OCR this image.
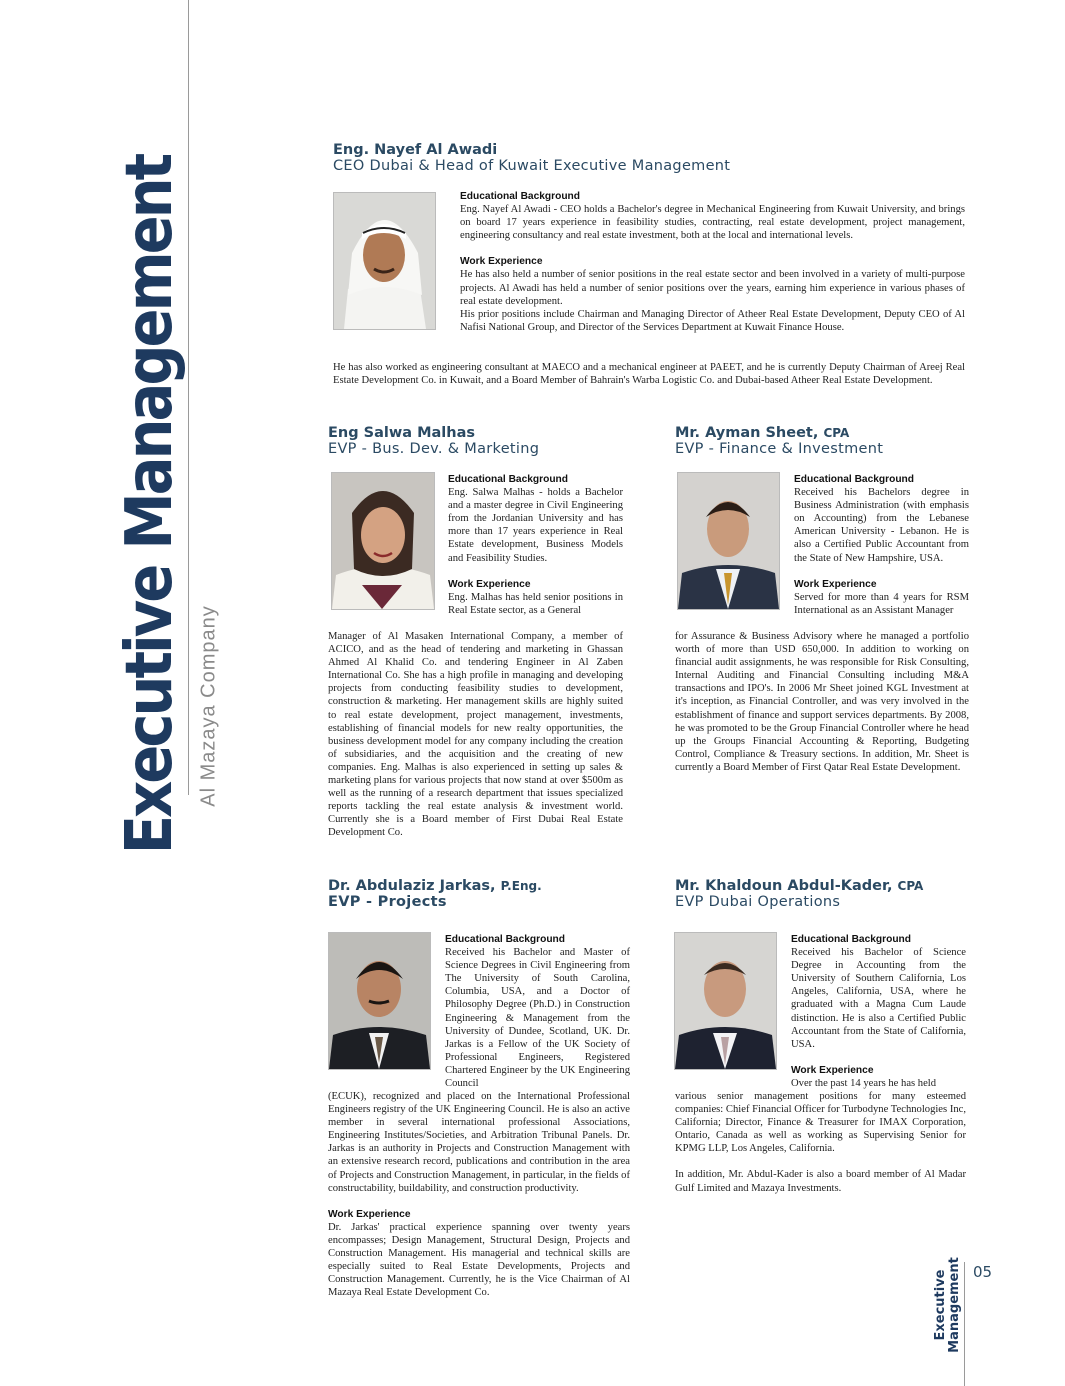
Executive Management Al Mazaya Company
Eng. Nayef Al Awadi
CEO Dubai & Head of Kuwait Executive Management

Educational Background

Eng. Nayef Al Awadi - CEO holds a Bachelor's degree in Mechanical Engineering from Kuwait University, and brings on board 17 years experience in feasibility studies, contracting, real estate development, project management, engineering consultancy and real estate investment, both at the local and international levels.

Work Experience

He has also held a number of senior positions in the real estate sector and been involved in a variety of multi-purpose projects. Al Awadi has held a number of senior positions over the years, earning him experience in various phases of real estate development.

His prior positions include Chairman and Managing Director of Atheer Real Estate Development, Deputy CEO of Al Nafisi National Group, and Director of the Services Department at Kuwait Finance House.

He has also worked as engineering consultant at MAECO and a mechanical engineer at PAEET, and he is currently Deputy Chairman of Areej Real Estate Development Co. in Kuwait, and a Board Member of Bahrain's Warba Logistic Co. and Dubai-based Atheer Real Estate Development.

Eng Salwa Malhas
EVP - Bus. Dev. & Marketing

Educational Background

Eng. Salwa Malhas - holds a Bachelor and a master degree in Civil Engineering from the Jordanian University and has more than 17 years experience in Real Estate development, Business Models and Feasibility Studies.

Work Experience

Eng. Malhas has held senior positions in Real Estate sector, as a General

Manager of Al Masaken International Company, a member of ACICO, and as the head of tendering and marketing in Ghassan Ahmed Al Khalid Co. and tendering Engineer in Al Zaben International Co. She has a high profile in managing and developing projects from conducting feasibility studies to development, construction & marketing. Her management skills are highly suited to real estate development, project management, investments, establishing of financial models for new realty opportunities, the business development model for any company including the creation of subsidiaries, and the acquisition and the creating of new companies. Eng. Malhas is also experienced in setting up sales & marketing plans for various projects that now stand at over $500m as well as the running of a research department that issues specialized reports tackling the real estate analysis & investment world. Currently she is a Board member of First Dubai Real Estate Development Co.

Mr. Ayman Sheet, CPA
EVP - Finance & Investment

Educational Background

Received his Bachelors degree in Business Administration (with emphasis on Accounting) from the Lebanese American University - Lebanon. He is also a Certified Public Accountant from the State of New Hampshire, USA.

Work Experience

Served for more than 4 years for RSM International as an Assistant Manager

for Assurance & Business Advisory where he managed a portfolio worth of more than USD 650,000. In addition to working on financial audit assignments, he was responsible for Risk Consulting, Internal Auditing and Financial Consulting including M&A transactions and IPO's. In 2006 Mr Sheet joined KGL Investment at it's inception, as Financial Controller, and was very involved in the establishment of finance and support services departments. By 2008, he was promoted to be the Group Financial Controller where he head up the Groups Financial Accounting & Reporting, Budgeting Control, Compliance & Treasury sections. In addition, Mr. Sheet is currently a Board Member of First Qatar Real Estate Development.

Dr. Abdulaziz Jarkas, P.Eng.
EVP - Projects

Educational Background

Received his Bachelor and Master of Science Degrees in Civil Engineering from The University of South Carolina, Columbia, USA, and a Doctor of Philosophy Degree (Ph.D.) in Construction Engineering & Management from the University of Dundee, Scotland, UK. Dr. Jarkas is a Fellow of the UK Society of Professional Engineers, Registered Chartered Engineer by the UK Engineering Council

(ECUK), recognized and placed on the International Professional Engineers registry of the UK Engineering Council. He is also an active member in several international professional Associations, Engineering Institutes/Societies, and Arbitration Tribunal Panels. Dr. Jarkas is an authority in Projects and Construction Management with an extensive research record, publications and contribution in the area of Projects and Construction Management, in particular, in the fields of constructability, buildability, and construction productivity.

Work Experience

Dr. Jarkas' practical experience spanning over twenty years encompasses; Design Management, Structural Design, Projects and Construction Management. His managerial and technical skills are especially suited to Real Estate Developments, Projects and Construction Management. Currently, he is the Vice Chairman of Al Mazaya Real Estate Development Co.

Mr. Khaldoun Abdul-Kader, CPA
EVP Dubai Operations

Educational Background

Received his Bachelor of Science Degree in Accounting from the University of Southern California, Los Angeles, California, USA, where he graduated with a Magna Cum Laude distinction. He is also a Certified Public Accountant from the State of California, USA.

Work Experience

Over the past 14 years he has held

various senior management positions for many esteemed companies: Chief Financial Officer for Turbodyne Technologies Inc, California; Director, Finance & Treasurer for IMAX Corporation, Ontario, Canada as well as working as Supervising Senior for KPMG LLP, Los Angeles, California.

In addition, Mr. Abdul-Kader is also a board member of Al Madar Gulf Limited and Mazaya Investments.

Executive Management 05
